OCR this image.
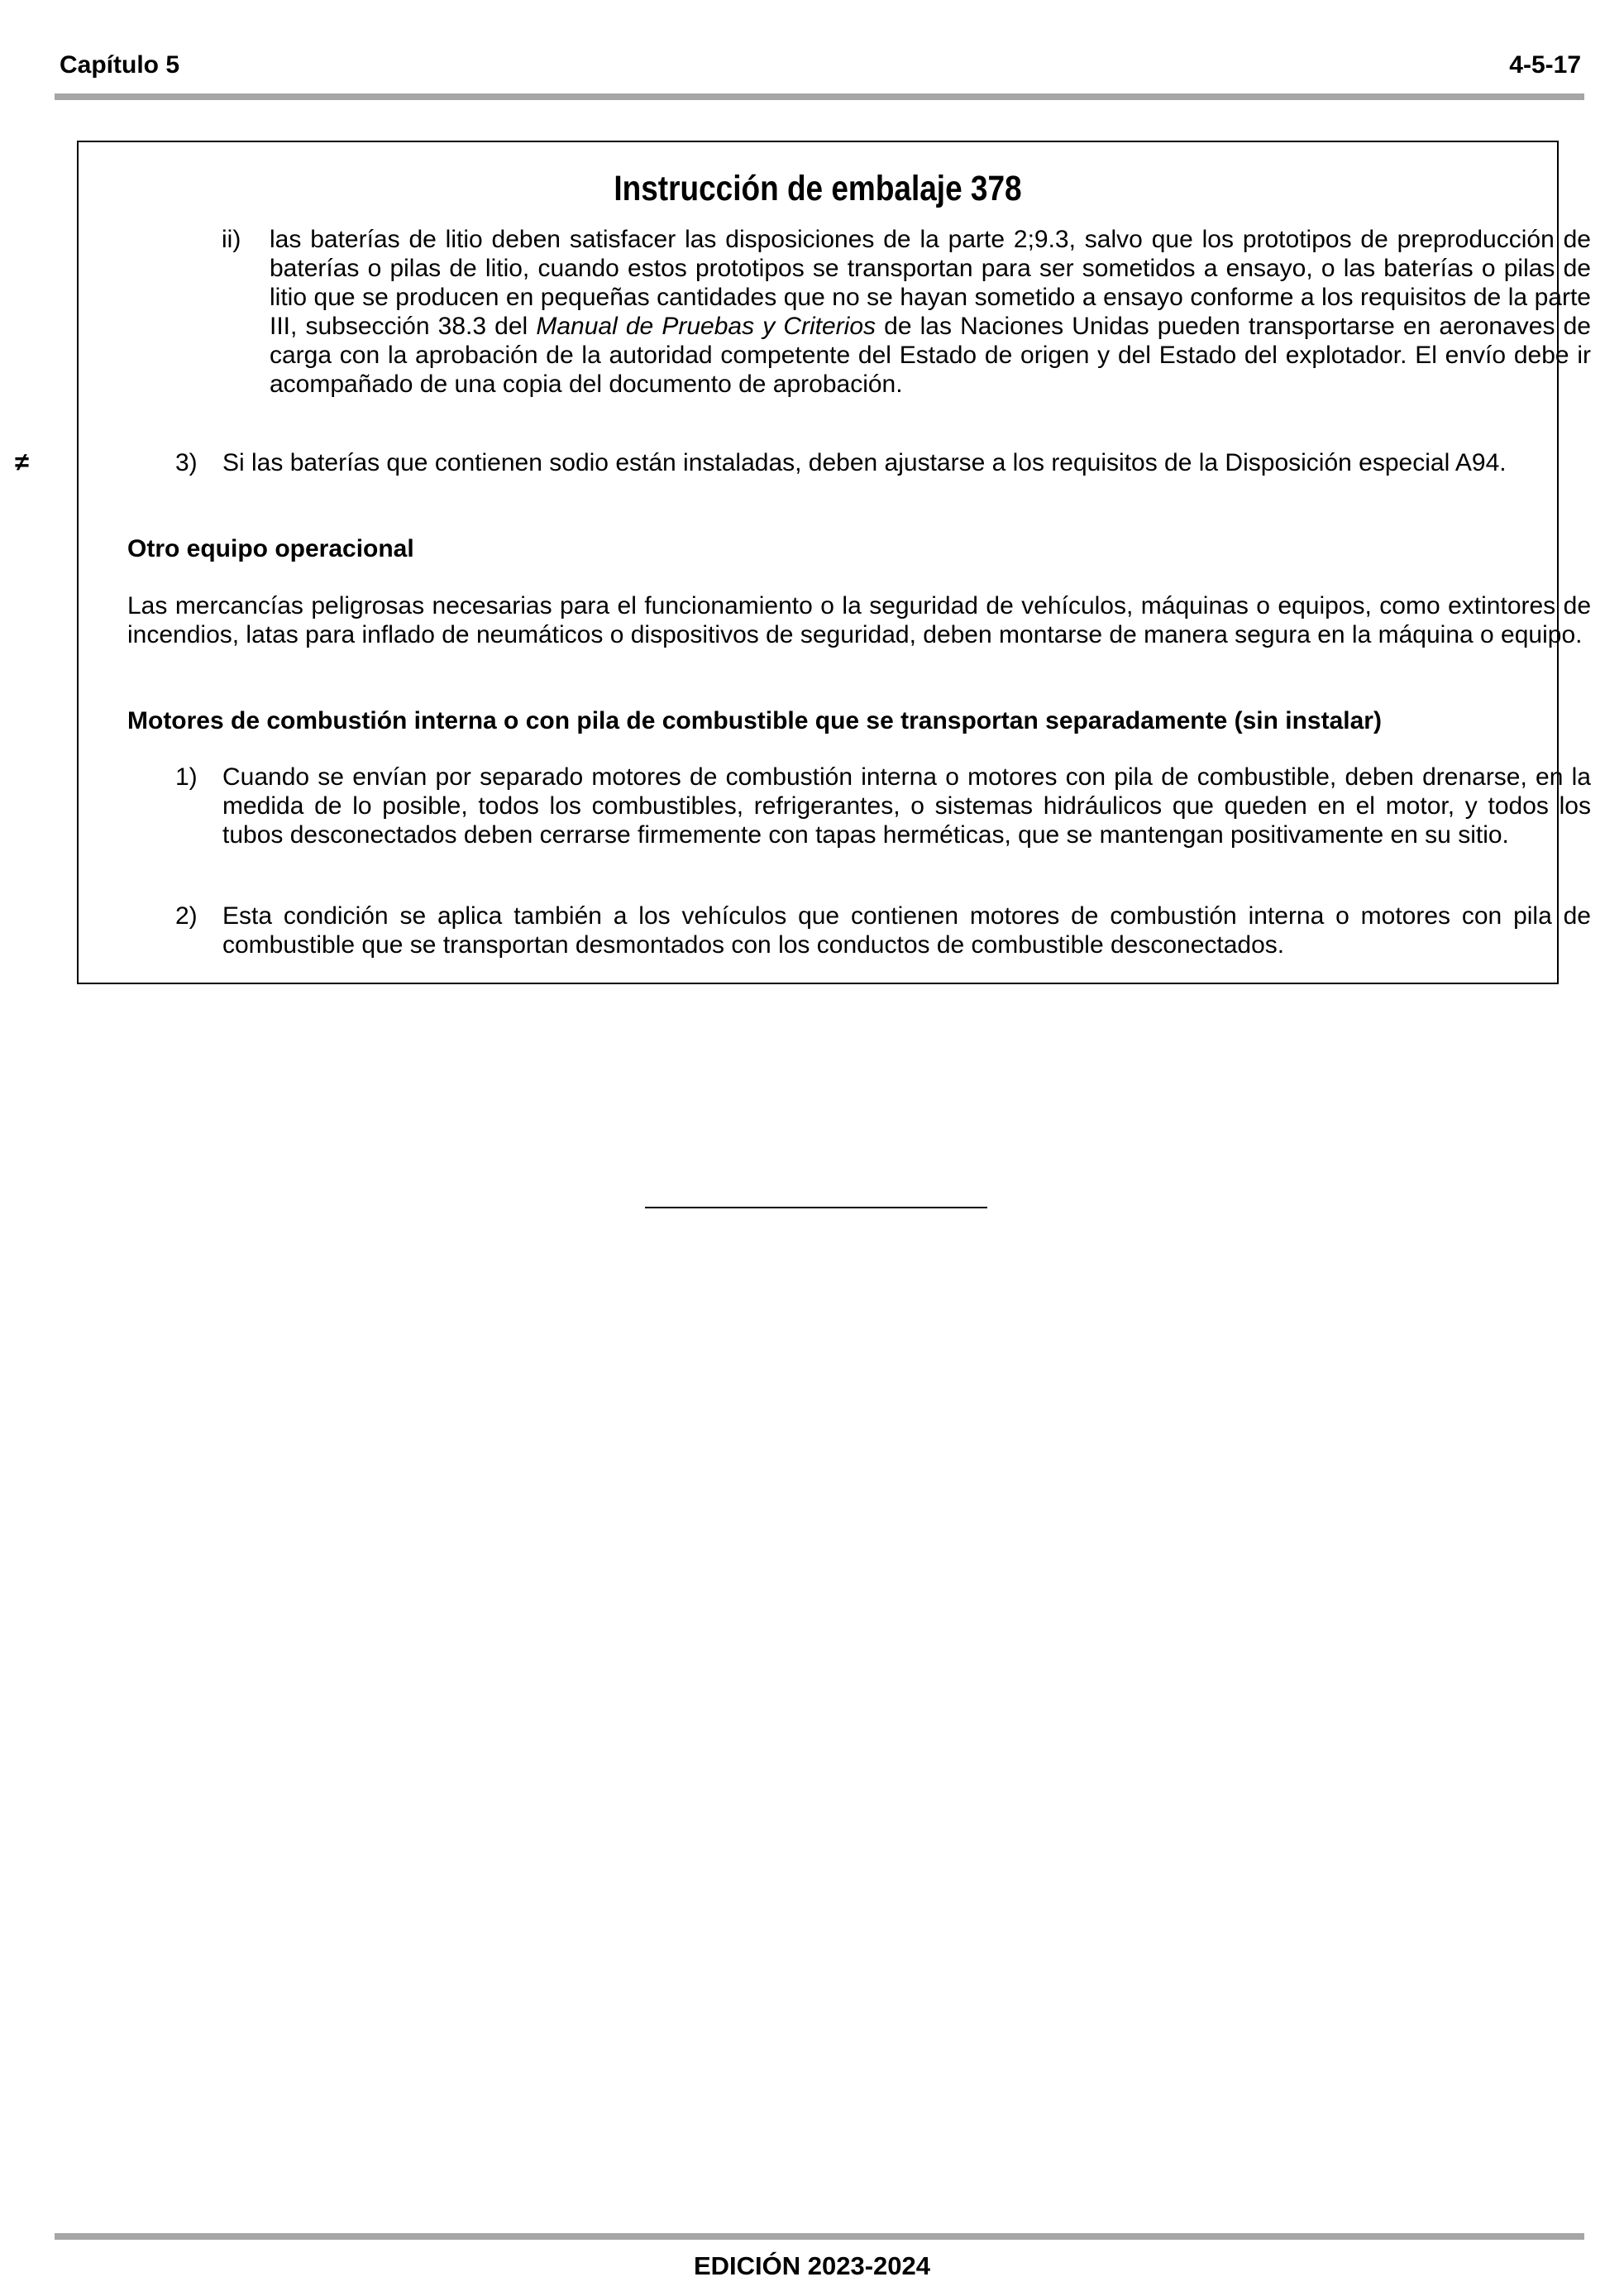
Capítulo 5	4-5-17
≠
Instrucción de embalaje 378
ii) las baterías de litio deben satisfacer las disposiciones de la parte 2;9.3, salvo que los prototipos de preproducción de baterías o pilas de litio, cuando estos prototipos se transportan para ser sometidos a ensayo, o las baterías o pilas de litio que se producen en pequeñas cantidades que no se hayan sometido a ensayo conforme a los requisitos de la parte III, subsección 38.3 del Manual de Pruebas y Criterios de las Naciones Unidas pueden transportarse en aeronaves de carga con la aprobación de la autoridad competente del Estado de origen y del Estado del explotador. El envío debe ir acompañado de una copia del documento de aprobación.
3) Si las baterías que contienen sodio están instaladas, deben ajustarse a los requisitos de la Disposición especial A94.
Otro equipo operacional
Las mercancías peligrosas necesarias para el funcionamiento o la seguridad de vehículos, máquinas o equipos, como extintores de incendios, latas para inflado de neumáticos o dispositivos de seguridad, deben montarse de manera segura en la máquina o equipo.
Motores de combustión interna o con pila de combustible que se transportan separadamente (sin instalar)
1) Cuando se envían por separado motores de combustión interna o motores con pila de combustible, deben drenarse, en la medida de lo posible, todos los combustibles, refrigerantes, o sistemas hidráulicos que queden en el motor, y todos los tubos desconectados deben cerrarse firmemente con tapas herméticas, que se mantengan positivamente en su sitio.
2) Esta condición se aplica también a los vehículos que contienen motores de combustión interna o motores con pila de combustible que se transportan desmontados con los conductos de combustible desconectados.
EDICIÓN 2023-2024
